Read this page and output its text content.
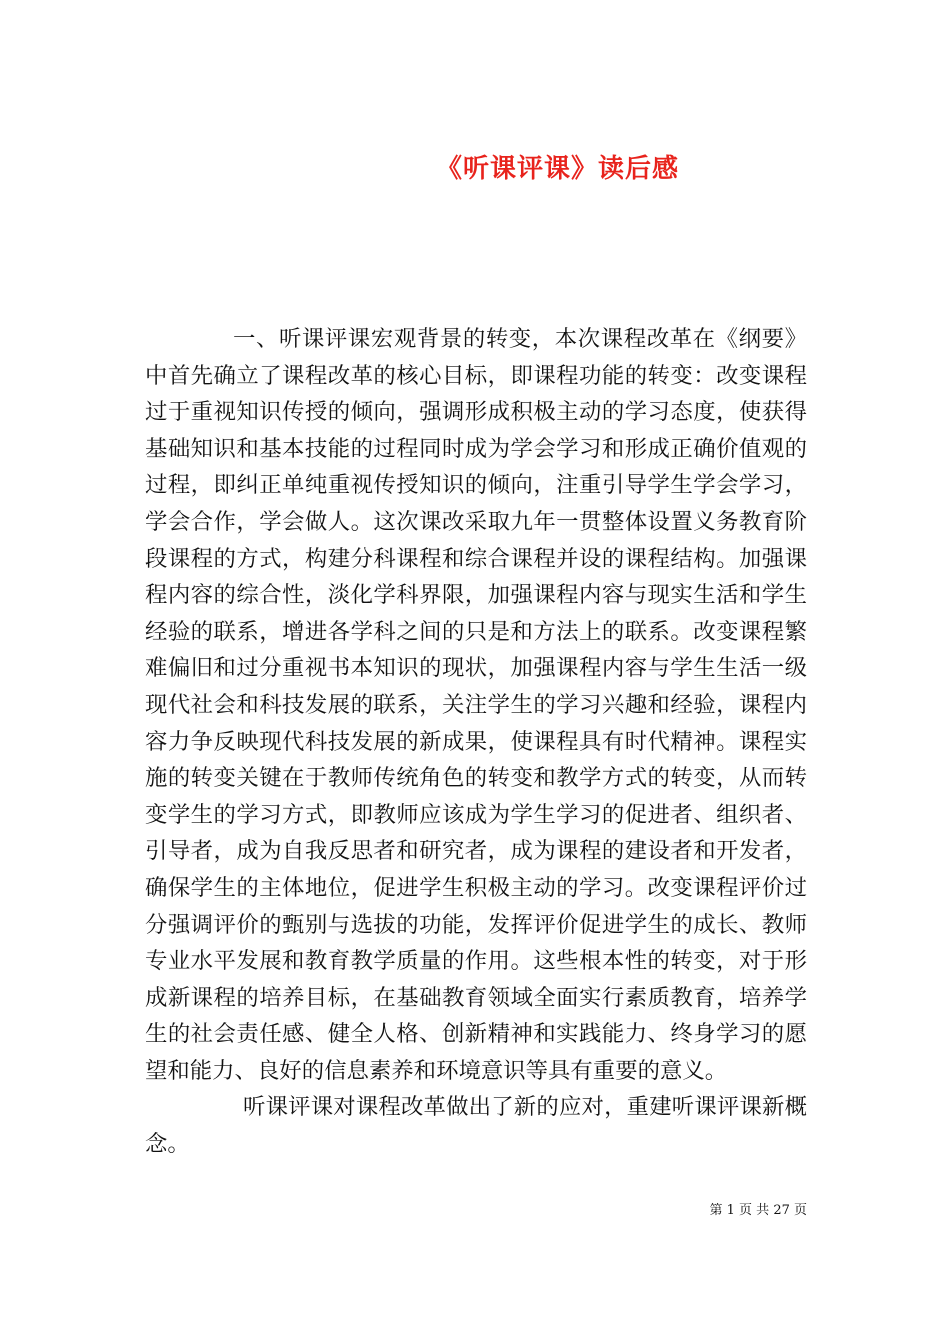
《听课评课》读后感

一、听课评课宏观背景的转变，本次课程改革在《纲要》中首先确立了课程改革的核心目标，即课程功能的转变：改变课程过于重视知识传授的倾向，强调形成积极主动的学习态度，使获得基础知识和基本技能的过程同时成为学会学习和形成正确价值观的过程，即纠正单纯重视传授知识的倾向，注重引导学生学会学习，学会合作，学会做人。这次课改采取九年一贯整体设置义务教育阶段课程的方式，构建分科课程和综合课程并设的课程结构。加强课程内容的综合性，淡化学科界限，加强课程内容与现实生活和学生经验的联系，增进各学科之间的只是和方法上的联系。改变课程繁难偏旧和过分重视书本知识的现状，加强课程内容与学生生活一级现代社会和科技发展的联系，关注学生的学习兴趣和经验，课程内容力争反映现代科技发展的新成果，使课程具有时代精神。课程实施的转变关键在于教师传统角色的转变和教学方式的转变，从而转变学生的学习方式，即教师应该成为学生学习的促进者、组织者、引导者，成为自我反思者和研究者，成为课程的建设者和开发者，确保学生的主体地位，促进学生积极主动的学习。改变课程评价过分强调评价的甄别与选拔的功能，发挥评价促进学生的成长、教师专业水平发展和教育教学质量的作用。这些根本性的转变，对于形成新课程的培养目标，在基础教育领域全面实行素质教育，培养学生的社会责任感、健全人格、创新精神和实践能力、终身学习的愿望和能力、良好的信息素养和环境意识等具有重要的意义。

听课评课对课程改革做出了新的应对，重建听课评课新概念。

第 1 页 共 27 页
